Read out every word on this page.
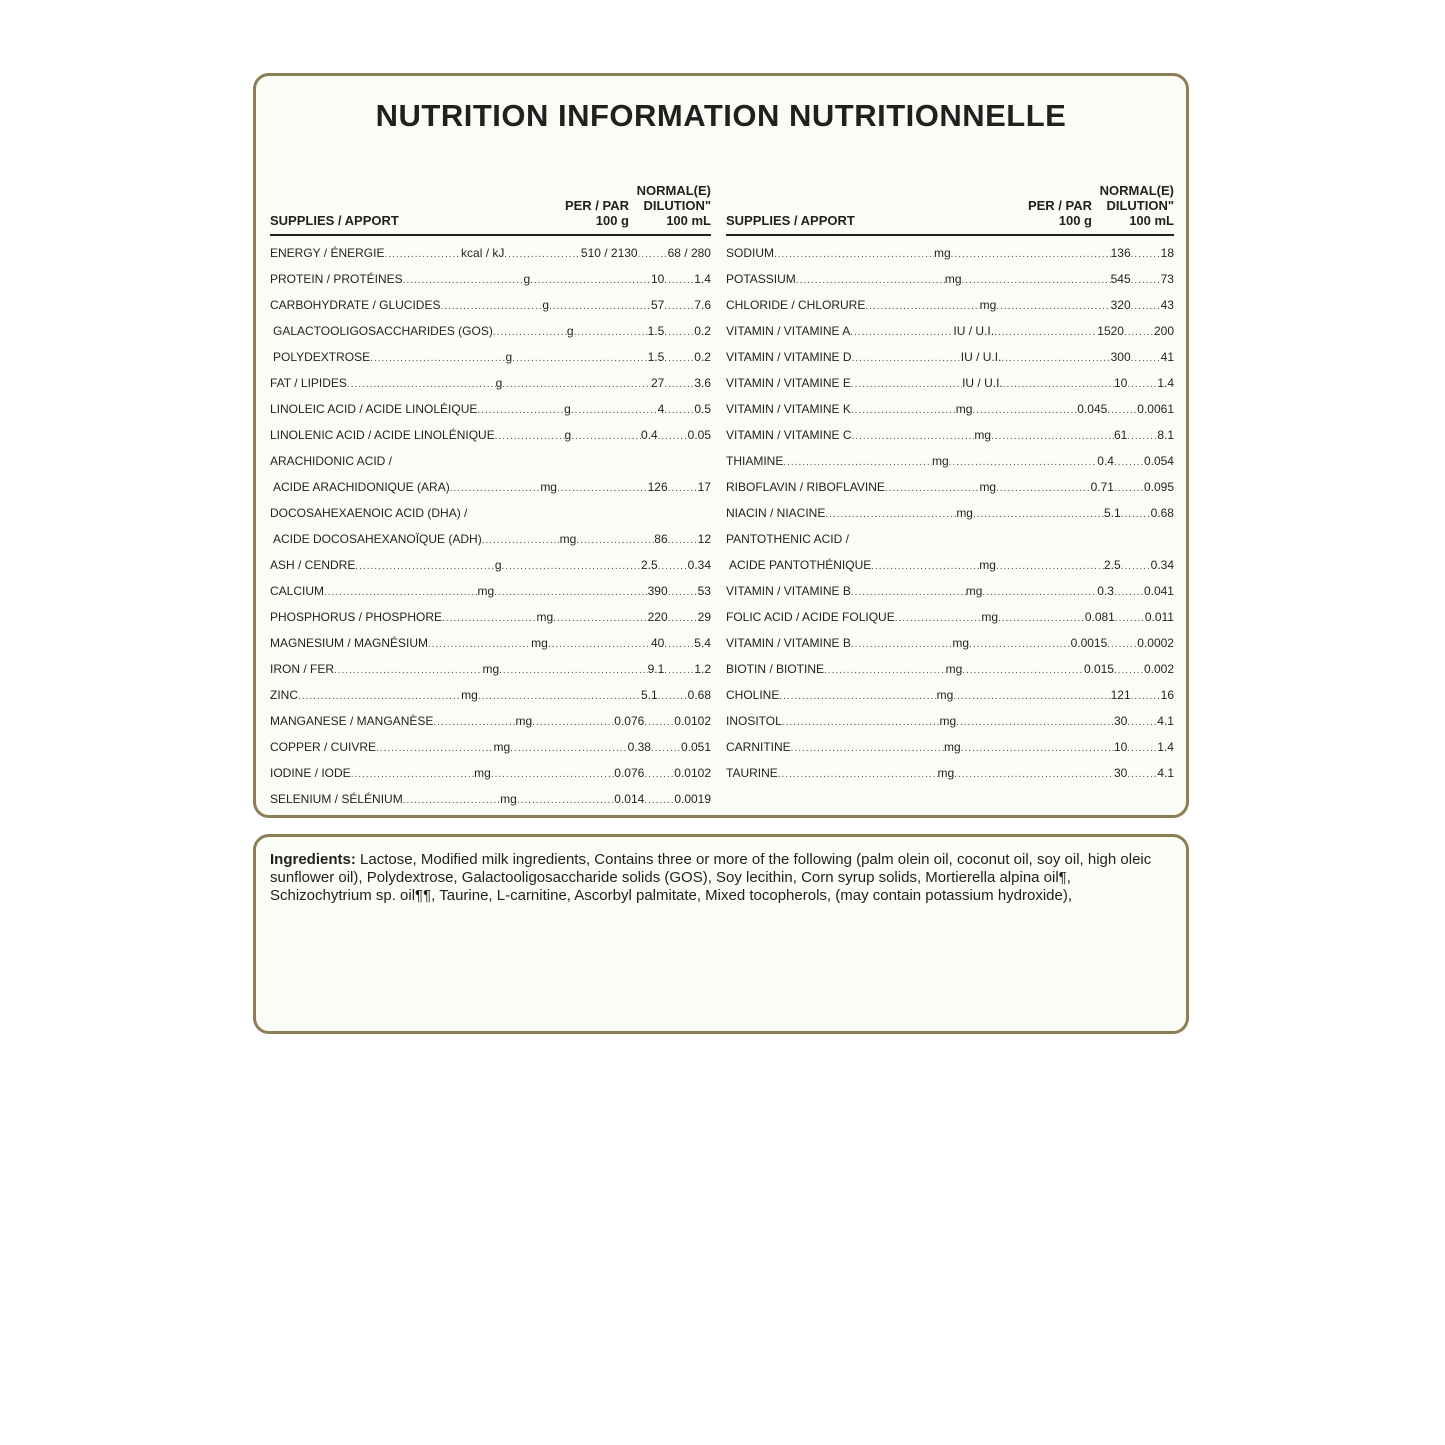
NUTRITION INFORMATION NUTRITIONNELLE
SUPPLIES / APPORT
PER / PAR
100 g
NORMAL(E)
DILUTION"
100 mL
ENERGY / ÉNERGIE .....	kcal / kJ .....	510 / 2130 .....	68 / 280
PROTEIN / PROTÉINES .....	g .....	10 .....	1.4
CARBOHYDRATE / GLUCIDES .....	g .....	57 .....	7.6
GALACTOOLIGOSACCHARIDES (GOS) .....	g .....	1.5 .....	0.2
POLYDEXTROSE .....	g .....	1.5 .....	0.2
FAT / LIPIDES .....	g .....	27 .....	3.6
LINOLEIC ACID / ACIDE LINOLÉIQUE .....	g .....	4 .....	0.5
LINOLENIC ACID / ACIDE LINOLÉNIQUE .....	g .....	0.4 .....	0.05
ARACHIDONIC ACID /
ACIDE ARACHIDONIQUE (ARA) .....	mg .....	126 .....	17
DOCOSAHEXAENOIC ACID (DHA) /
ACIDE DOCOSAHEXANOÏQUE (ADH) .....	mg .....	86 .....	12
ASH / CENDRE .....	g .....	2.5 .....	0.34
CALCIUM .....	mg .....	390 .....	53
PHOSPHORUS / PHOSPHORE .....	mg .....	220 .....	29
MAGNESIUM / MAGNÉSIUM .....	mg .....	40 .....	5.4
IRON / FER .....	mg .....	9.1 .....	1.2
ZINC .....	mg .....	5.1 .....	0.68
MANGANESE / MANGANÈSE .....	mg .....	0.076 .....	0.0102
COPPER / CUIVRE .....	mg .....	0.38 .....	0.051
IODINE / IODE .....	mg .....	0.076 .....	0.0102
SELENIUM / SÉLÉNIUM .....	mg .....	0.014 .....	0.0019
SUPPLIES / APPORT
PER / PAR
100 g
NORMAL(E)
DILUTION"
100 mL
SODIUM .....	mg .....	136 .....	18
POTASSIUM .....	mg .....	545 .....	73
CHLORIDE / CHLORURE .....	mg .....	320 .....	43
VITAMIN / VITAMINE A .....	IU / U.I. .....	1520 .....	200
VITAMIN / VITAMINE D .....	IU / U.I. .....	300 .....	41
VITAMIN / VITAMINE E .....	IU / U.I. .....	10 .....	1.4
VITAMIN / VITAMINE K .....	mg .....	0.045 .....	0.0061
VITAMIN / VITAMINE C .....	mg .....	61 .....	8.1
THIAMINE .....	mg .....	0.4 .....	0.054
RIBOFLAVIN / RIBOFLAVINE .....	mg .....	0.71 .....	0.095
NIACIN / NIACINE .....	mg .....	5.1 .....	0.68
PANTOTHENIC ACID /
ACIDE PANTOTHÉNIQUE .....	mg .....	2.5 .....	0.34
VITAMIN / VITAMINE B .....	mg .....	0.3 .....	0.041
FOLIC ACID / ACIDE FOLIQUE .....	mg .....	0.081 .....	0.011
VITAMIN / VITAMINE B .....	mg .....	0.0015 .....	0.0002
BIOTIN / BIOTINE .....	mg .....	0.015 .....	0.002
CHOLINE .....	mg .....	121 .....	16
INOSITOL .....	mg .....	30 .....	4.1
CARNITINE .....	mg .....	10 .....	1.4
TAURINE .....	mg .....	30 .....	4.1

Ingredients: Lactose, Modified milk ingredients, Contains three or more of the following (palm olein oil, coconut oil, soy oil, high oleic sunflower oil), Polydextrose, Galactooligosaccharide solids (GOS), Soy lecithin, Corn syrup solids, Mortierella alpina oil¶, Schizochytrium sp. oil¶¶, Taurine, L-carnitine, Ascorbyl palmitate, Mixed tocopherols, (may contain potassium hydroxide),
